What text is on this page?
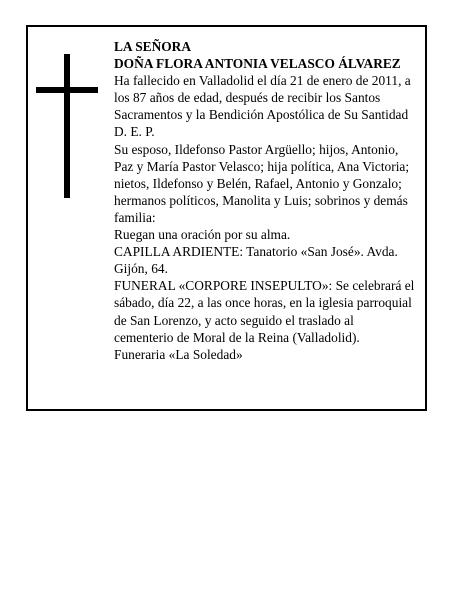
LA SEÑORA
DOÑA FLORA ANTONIA VELASCO ÁLVAREZ
Ha fallecido en Valladolid el día 21 de enero de 2011, a
los 87 años de edad, después de recibir los Santos
Sacramentos y la Bendición Apostólica de Su Santidad
D. E. P.
Su esposo, Ildefonso Pastor Argüello; hijos, Antonio,
Paz y María Pastor Velasco; hija política, Ana Victoria;
nietos, Ildefonso y Belén, Rafael, Antonio y Gonzalo;
hermanos políticos, Manolita y Luis; sobrinos y demás
familia:
Ruegan una oración por su alma.
CAPILLA ARDIENTE: Tanatorio «San José». Avda.
Gijón, 64.
FUNERAL «CORPORE INSEPULTO»: Se celebrará el
sábado, día 22, a las once horas, en la iglesia parroquial
de San Lorenzo, y acto seguido el traslado al
cementerio de Moral de la Reina (Valladolid).
Funeraria «La Soledad»
